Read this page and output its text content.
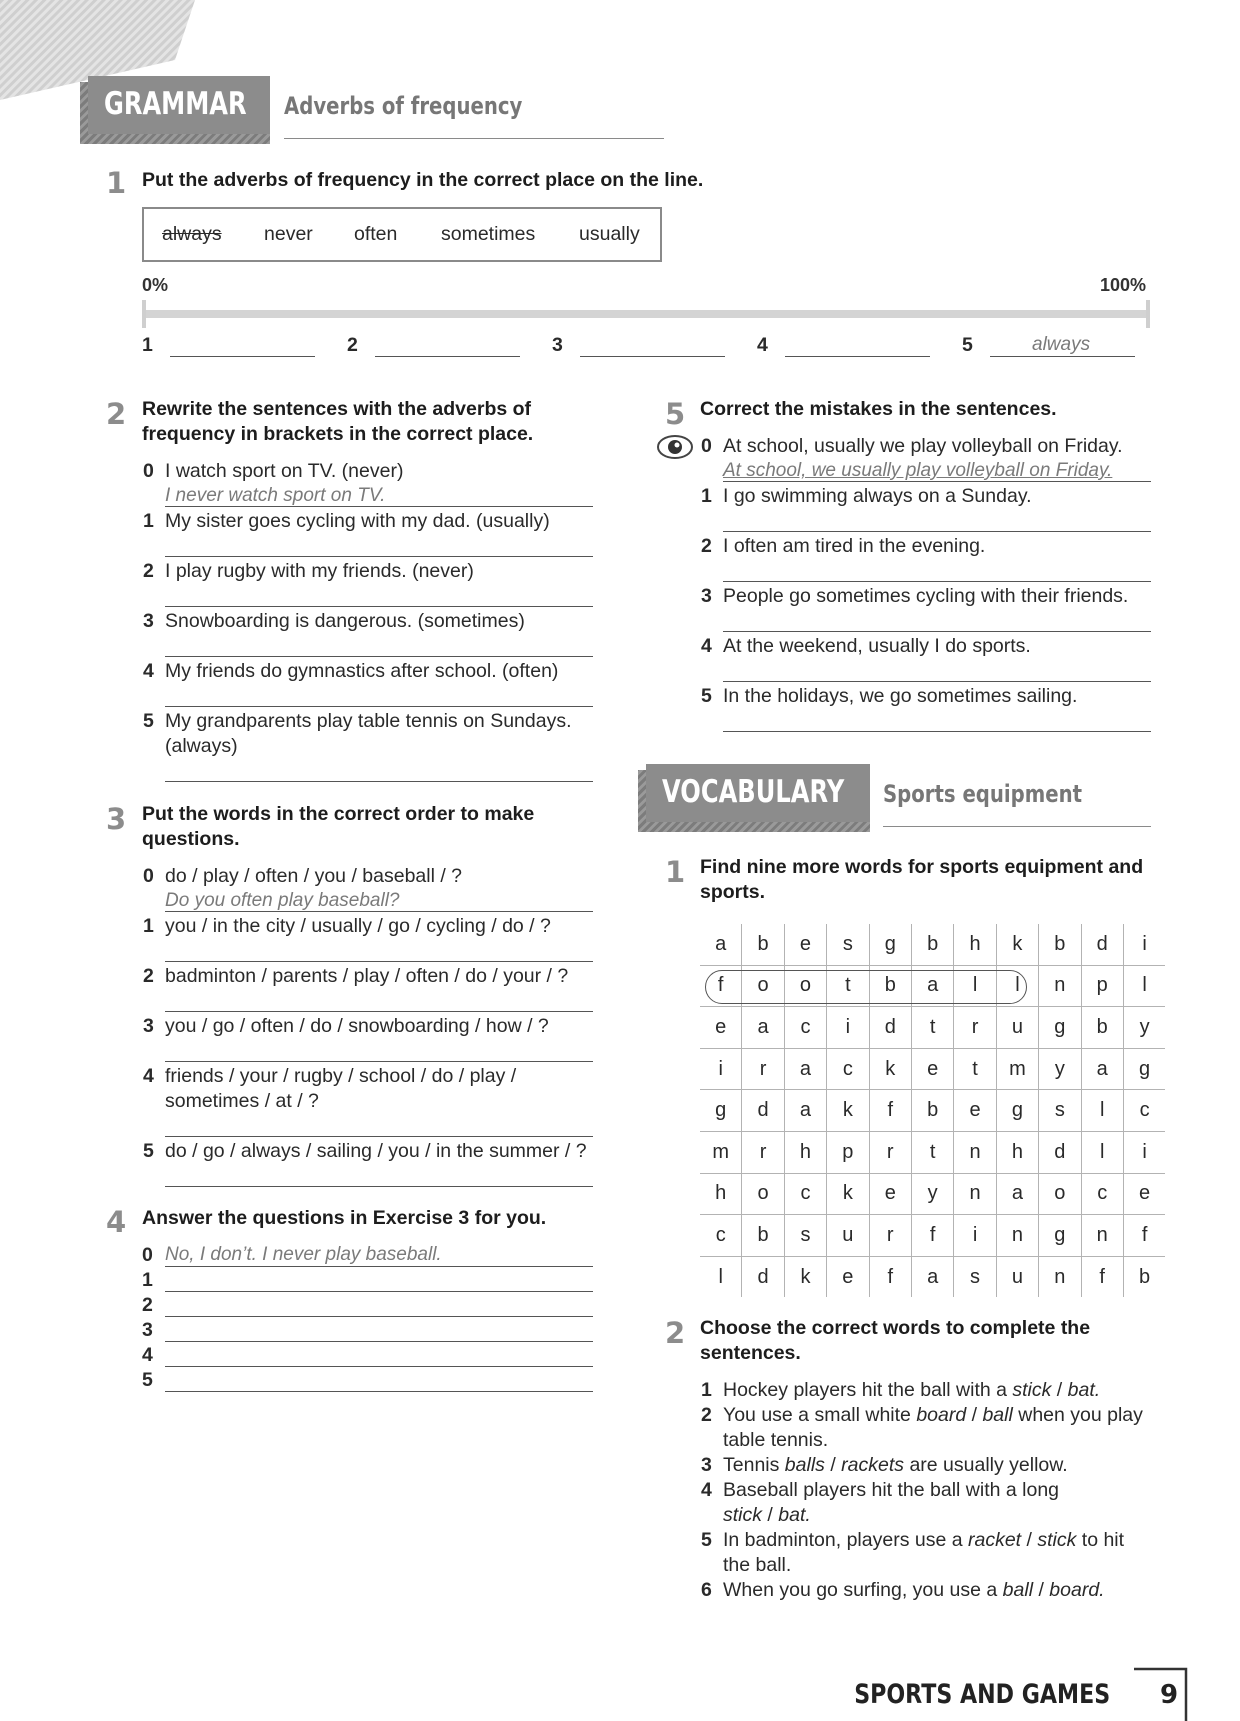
GRAMMAR Adverbs of frequency
1 Put the adverbs of frequency in the correct place on the line.
always never often sometimes usually
0%	100%
1	2	3	4	5	always
2 Rewrite the sentences with the adverbs of frequency in brackets in the correct place.
0 I watch sport on TV. (never)
I never watch sport on TV.
1 My sister goes cycling with my dad. (usually)
2 I play rugby with my friends. (never)
3 Snowboarding is dangerous. (sometimes)
4 My friends do gymnastics after school. (often)
5 My grandparents play table tennis on Sundays.
(always)
3 Put the words in the correct order to make questions.
0 do / play / often / you / baseball / ?
Do you often play baseball?
1 you / in the city / usually / go / cycling / do / ?
2 badminton / parents / play / often / do / your / ?
3 you / go / often / do / snowboarding / how / ?
4 friends / your / rugby / school / do / play /
sometimes / at / ?
5 do / go / always / sailing / you / in the summer / ?
4 Answer the questions in Exercise 3 for you.
0 No, I don’t. I never play baseball.
1
2
3
4
5
5 Correct the mistakes in the sentences.
0 At school, usually we play volleyball on Friday.
At school, we usually play volleyball on Friday.
1 I go swimming always on a Sunday.
2 I often am tired in the evening.
3 People go sometimes cycling with their friends.
4 At the weekend, usually I do sports.
5 In the holidays, we go sometimes sailing.
VOCABULARY Sports equipment
1 Find nine more words for sports equipment and sports.
a	b	e	s	g	b	h	k	b	d	i
f	o	o	t	b	a	l	l	n	p	l
e	a	c	i	d	t	r	u	g	b	y
i	r	a	c	k	e	t	m	y	a	g
g	d	a	k	f	b	e	g	s	l	c
m	r	h	p	r	t	n	h	d	l	i
h	o	c	k	e	y	n	a	o	c	e
c	b	s	u	r	f	i	n	g	n	f
l	d	k	e	f	a	s	u	n	f	b
2 Choose the correct words to complete the sentences.
1 Hockey players hit the ball with a stick / bat.
2 You use a small white board / ball when you play
table tennis.
3 Tennis balls / rackets are usually yellow.
4 Baseball players hit the ball with a long
stick / bat.
5 In badminton, players use a racket / stick to hit
the ball.
6 When you go surfing, you use a ball / board.
SPORTS AND GAMES 9
